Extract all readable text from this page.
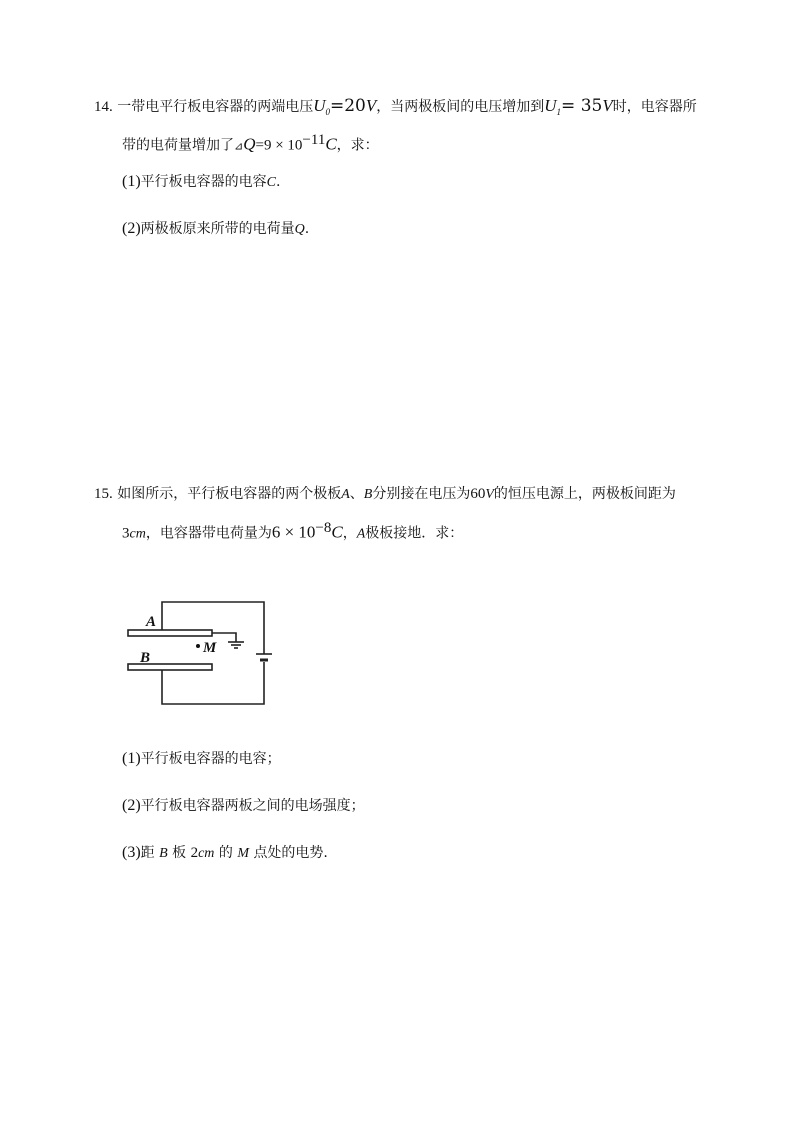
14. 一带电平行板电容器的两端电压$U_0=20V$，当两极板间的电压增加到$U_1= 35V$时，电容器所
带的电荷量增加了⊿Q=9 × $10^{-11}C$，求：
(1)平行板电容器的电容C.
(2)两极板原来所带的电荷量Q.
15. 如图所示，平行板电容器的两个极板A、B分别接在电压为60V的恒压电源上，两极板间距为
3cm，电容器带电荷量为$6 \times 10^{-8}C$，A极板接地．求：
A
B
M
(1)平行板电容器的电容；
(2)平行板电容器两板之间的电场强度；
(3)距 B 板 2cm 的 M 点处的电势.
